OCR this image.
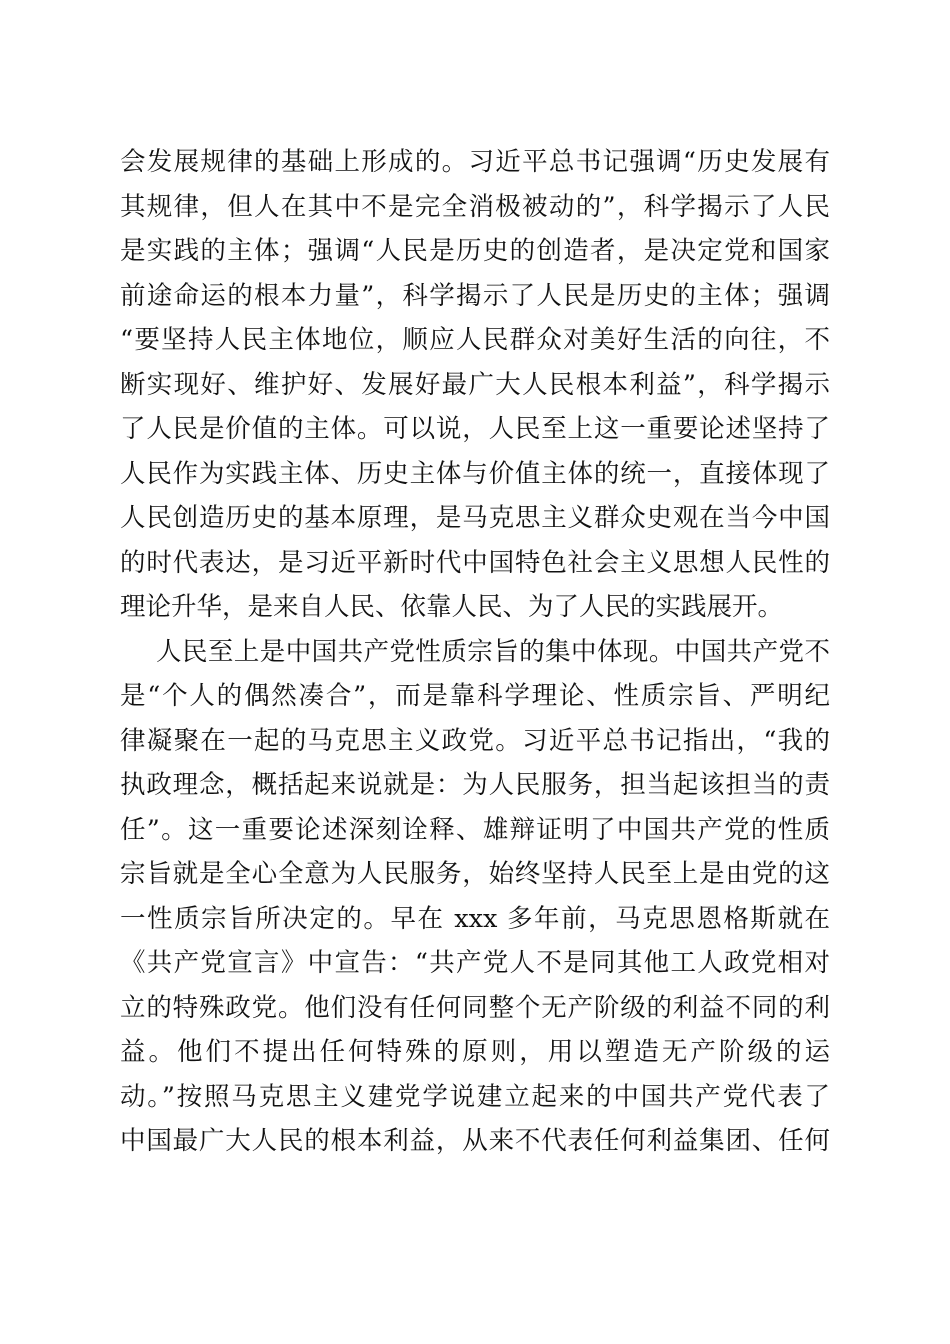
会发展规律的基础上形成的。习近平总书记强调“历史发展有
其规律，但人在其中不是完全消极被动的”，科学揭示了人民
是实践的主体；强调“人民是历史的创造者，是决定党和国家
前途命运的根本力量”，科学揭示了人民是历史的主体；强调
“要坚持人民主体地位，顺应人民群众对美好生活的向往，不
断实现好、维护好、发展好最广大人民根本利益”，科学揭示
了人民是价值的主体。可以说，人民至上这一重要论述坚持了
人民作为实践主体、历史主体与价值主体的统一，直接体现了
人民创造历史的基本原理，是马克思主义群众史观在当今中国
的时代表达，是习近平新时代中国特色社会主义思想人民性的
理论升华，是来自人民、依靠人民、为了人民的实践展开。
人民至上是中国共产党性质宗旨的集中体现。中国共产党不
是“个人的偶然凑合”，而是靠科学理论、性质宗旨、严明纪
律凝聚在一起的马克思主义政党。习近平总书记指出，“我的
执政理念，概括起来说就是：为人民服务，担当起该担当的责
任”。这一重要论述深刻诠释、雄辩证明了中国共产党的性质
宗旨就是全心全意为人民服务，始终坚持人民至上是由党的这
一性质宗旨所决定的。早在 xxx 多年前，马克思恩格斯就在
《共产党宣言》中宣告：“共产党人不是同其他工人政党相对
立的特殊政党。他们没有任何同整个无产阶级的利益不同的利
益。他们不提出任何特殊的原则，用以塑造无产阶级的运
动。”按照马克思主义建党学说建立起来的中国共产党代表了
中国最广大人民的根本利益，从来不代表任何利益集团、任何
